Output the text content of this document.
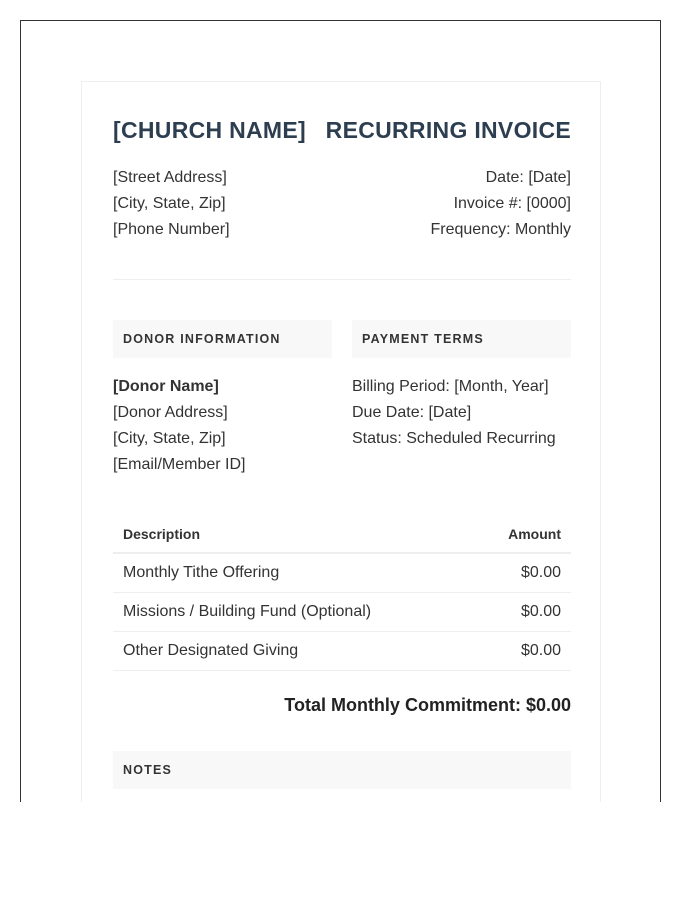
[CHURCH NAME] RECURRING INVOICE
[Street Address]
[City, State, Zip]
[Phone Number]
Date: [Date]
Invoice #: [0000]
Frequency: Monthly
DONOR INFORMATION
[Donor Name]
[Donor Address]
[City, State, Zip]
[Email/Member ID]
PAYMENT TERMS
Billing Period: [Month, Year]
Due Date: [Date]
Status: Scheduled Recurring
Description	Amount
Monthly Tithe Offering	$0.00
Missions / Building Fund (Optional)	$0.00
Other Designated Giving	$0.00
Total Monthly Commitment: $0.00
NOTES
